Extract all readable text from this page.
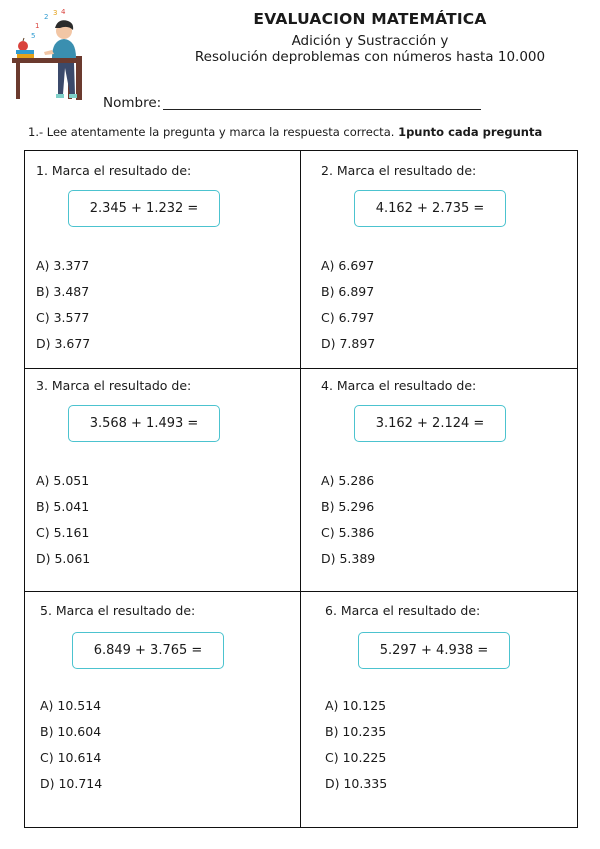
1
2 3 4
5
EVALUACION MATEMÁTICA
Adición y Sustracción y
Resolución deproblemas con números hasta 10.000
Nombre:
1.- Lee atentamente la pregunta y marca la respuesta correcta. 1punto cada pregunta
1. Marca el resultado de:
2.345 + 1.232 =
A) 3.377
B) 3.487
C) 3.577
D) 3.677
2. Marca el resultado de:
4.162 + 2.735 =
A) 6.697
B) 6.897
C) 6.797
D) 7.897
3. Marca el resultado de:
3.568 + 1.493 =
A) 5.051
B) 5.041
C) 5.161
D) 5.061
4. Marca el resultado de:
3.162 + 2.124 =
A) 5.286
B) 5.296
C) 5.386
D) 5.389
5. Marca el resultado de:
6.849 + 3.765 =
A) 10.514
B) 10.604
C) 10.614
D) 10.714
6. Marca el resultado de:
5.297 + 4.938 =
A) 10.125
B) 10.235
C) 10.225
D) 10.335
